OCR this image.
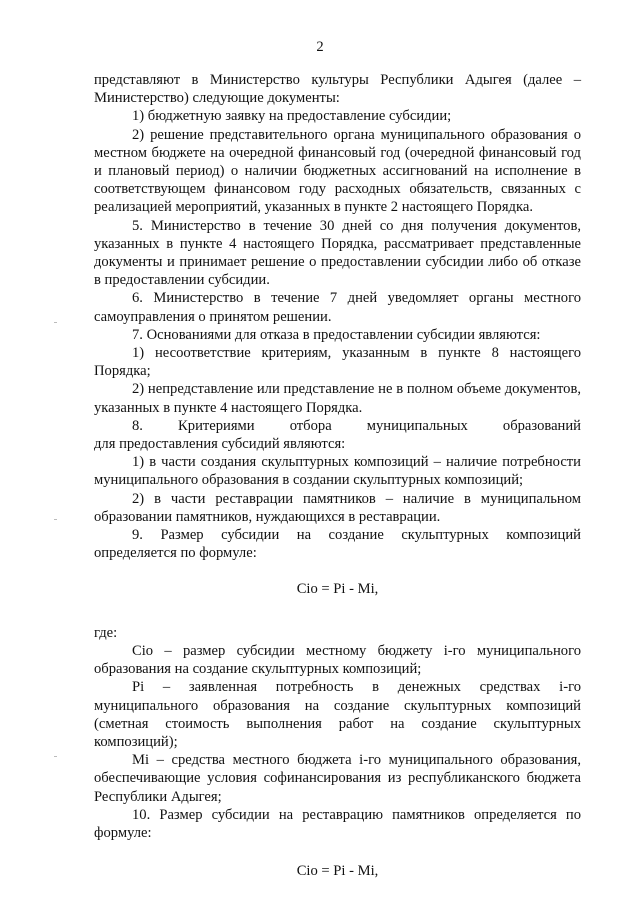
2

представляют в Министерство культуры Республики Адыгея (далее – Министерство) следующие документы:

1) бюджетную заявку на предоставление субсидии;

2) решение представительного органа муниципального образования о местном бюджете на очередной финансовый год (очередной финансовый год и плановый период) о наличии бюджетных ассигнований на исполнение в соответствующем финансовом году расходных обязательств, связанных с реализацией мероприятий, указанных в пункте 2 настоящего Порядка.

5. Министерство в течение 30 дней со дня получения документов, указанных в пункте 4 настоящего Порядка, рассматривает представленные документы и принимает решение о предоставлении субсидии либо об отказе в предоставлении субсидии.

6. Министерство в течение 7 дней уведомляет органы местного самоуправления о принятом решении.

7. Основаниями для отказа в предоставлении субсидии являются:

1) несоответствие критериям, указанным в пункте 8 настоящего Порядка;

2) непредставление или представление не в полном объеме документов, указанных в пункте 4 настоящего Порядка.

8. Критериями отбора муниципальных образований

для предоставления субсидий являются:

1) в части создания скульптурных композиций – наличие потребности муниципального образования в создании скульптурных композиций;

2) в части реставрации памятников – наличие в муниципальном образовании памятников, нуждающихся в реставрации.

9. Размер субсидии на создание скульптурных композиций определяется по формуле:

Сio = Pi - Mi,

где:

Сio – размер субсидии местному бюджету i-го муниципального образования на создание скульптурных композиций;

Pi – заявленная потребность в денежных средствах i-го муниципального образования на создание скульптурных композиций (сметная стоимость выполнения работ на создание скульптурных композиций);

Mi – средства местного бюджета i-го муниципального образования, обеспечивающие условия софинансирования из республиканского бюджета Республики Адыгея;

10. Размер субсидии на реставрацию памятников определяется по формуле:

Сio = Pi - Mi,
